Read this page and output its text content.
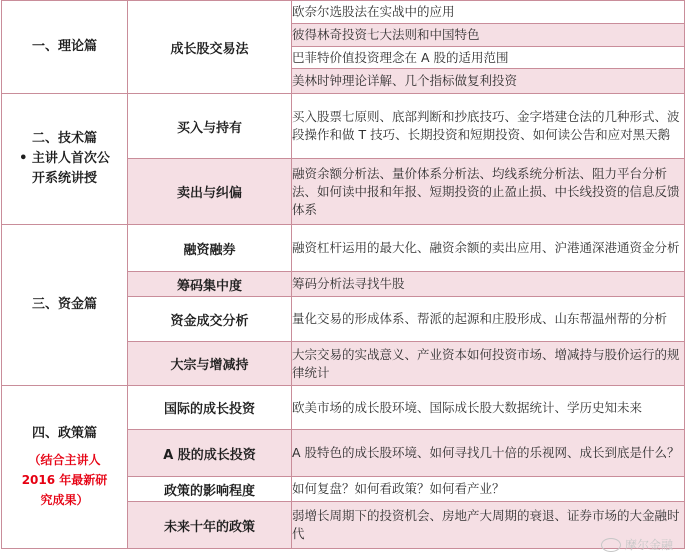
一、理论篇	成长股交易法	欧奈尔选股法在实战中的应用
		彼得林奇投资七大法则和中国特色
		巴菲特价值投资理念在 A 股的适用范围
		美林时钟理论详解、几个指标做复利投资

二、技术篇
• 主讲人首次公开系统讲授	买入与持有	买入股票七原则、底部判断和抄底技巧、金字塔建仓法的几种形式、波段操作和做 T 技巧、长期投资和短期投资、如何读公告和应对黑天鹅
	卖出与纠偏	融资余额分析法、量价体系分析法、均线系统分析法、阻力平台分析法、如何读中报和年报、短期投资的止盈止损、中长线投资的信息反馈体系
三、资金篇	融资融券	融资杠杆运用的最大化、融资余额的卖出应用、沪港通深港通资金分析
	筹码集中度	筹码分析法寻找牛股
	资金成交分析	量化交易的形成体系、帮派的起源和庄股形成、山东帮温州帮的分析
	大宗与增减持	大宗交易的实战意义、产业资本如何投资市场、增减持与股价运行的规律统计

四、政策篇
（结合主讲人 2016 年最新研究成果）	国际的成长投资	欧美市场的成长股环境、国际成长股大数据统计、学历史知未来
	A 股的成长投资	A 股特色的成长股环境、如何寻找几十倍的乐视网、成长到底是什么？
	政策的影响程度	如何复盘？如何看政策？如何看产业？
	未来十年的政策	弱增长周期下的投资机会、房地产大周期的衰退、证券市场的大金融时代
摩尔金融
